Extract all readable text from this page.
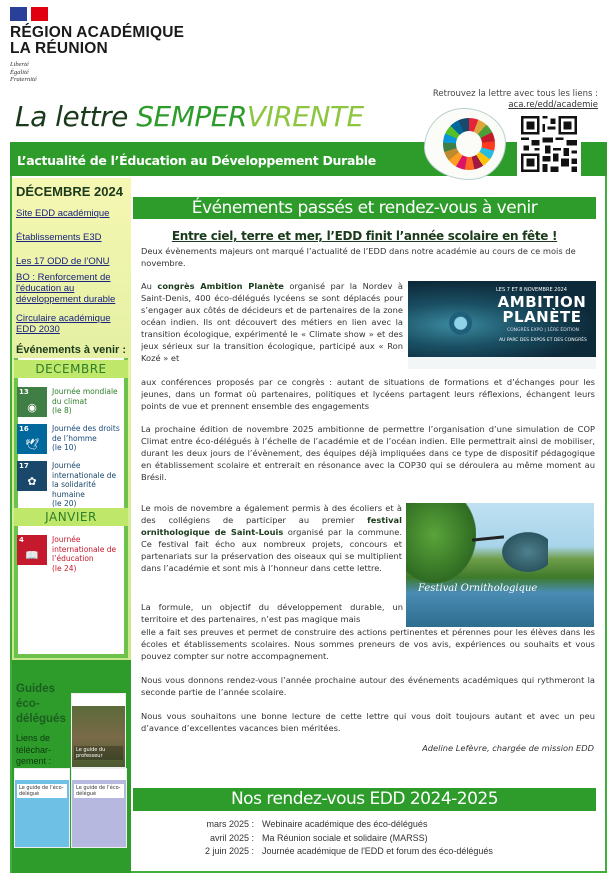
RÉGION ACADÉMIQUE
LA RÉUNION
Liberté
Égalité
Fraternité
La lettre SEMPERVIRENTE
Retrouvez la lettre avec tous les liens :
aca.re/edd/academie
L’actualité de l’Éducation au Développement Durable
DÉCEMBRE 2024
Site EDD académique
Établissements E3D
Les 17 ODD de l’ONU
BO : Renforcement de l'éducation au développement durable
Circulaire académique EDD 2030
Événements à venir :
DECEMBRE
13
◉
Journée mondiale du climat
(le 8)
16
🕊
Journée des droits de l’homme
(le 10)
17
✿
Journée internationale de la solidarité humaine
(le 20)
JANVIER
4
📖
Journée internationale de l’éducation
(le 24)
Guides éco-délégués
Liens de téléchar-gement :
Le guide du professeur
Le guide de l’éco-délégué
Le guide de l’éco-délégué
Événements passés et rendez-vous à venir
Entre ciel, terre et mer, l’EDD finit l’année scolaire en fête !
Deux évènements majeurs ont marqué l’actualité de l’EDD dans notre académie au cours de ce mois de novembre.
Au congrès Ambition Planète organisé par la Nordev à Saint-Denis, 400 éco-délégués lycéens se sont déplacés pour s’engager aux côtés de décideurs et de partenaires de la zone océan indien. Ils ont découvert des métiers en lien avec la transition écologique, expérimenté le « Climate show » et des jeux sérieux sur la transition écologique, participé aux « Ron Kozé » et
LES 7 ET 8 NOVEMBRE 2024
AMBITION PLANÈTE
CONGRÈS EXPO | 1ÈRE ÉDITION
AU PARC DES EXPOS ET DES CONGRÈS
aux conférences proposés par ce congrès : autant de situations de formations et d’échanges pour les jeunes, dans un format où partenaires, politiques et lycéens partagent leurs réflexions, échangent leurs points de vue et prennent ensemble des engagements
La prochaine édition de novembre 2025 ambitionne de permettre l’organisation d’une simulation de COP Climat entre éco-délégués à l’échelle de l’académie et de l’océan indien. Elle permettrait ainsi de mobiliser, durant les deux jours de l’évènement, des équipes déjà impliquées dans ce type de dispositif pédagogique en établissement scolaire et entrerait en résonance avec la COP30 qui se déroulera au même moment au Brésil.
Le mois de novembre a également permis à des écoliers et à des collégiens de participer au premier festival ornithologique de Saint-Louis organisé par la commune. Ce festival fait écho aux nombreux projets, concours et partenariats sur la préservation des oiseaux qui se multiplient dans l’académie et sont mis à l’honneur dans cette lettre.
Festival Ornithologique
La formule, un objectif du développement durable, un territoire et des partenaires, n’est pas magique mais
elle a fait ses preuves et permet de construire des actions pertinentes et pérennes pour les élèves dans les écoles et établissements scolaires. Nous sommes preneurs de vos avis, expériences ou souhaits et vous pouvez compter sur notre accompagnement.
Nous vous donnons rendez-vous l’année prochaine autour des événements académiques qui rythmeront la seconde partie de l’année scolaire.
Nous vous souhaitons une bonne lecture de cette lettre qui vous doit toujours autant et avec un peu d’avance d’excellentes vacances bien méritées.
Adeline Lefèvre, chargée de mission EDD
Nos rendez-vous EDD 2024-2025
mars 2025 : Webinaire académique des éco-délégués
avril 2025 : Ma Réunion sociale et solidaire (MARSS)
2 juin 2025 : Journée académique de l'EDD et forum des éco-délégués
